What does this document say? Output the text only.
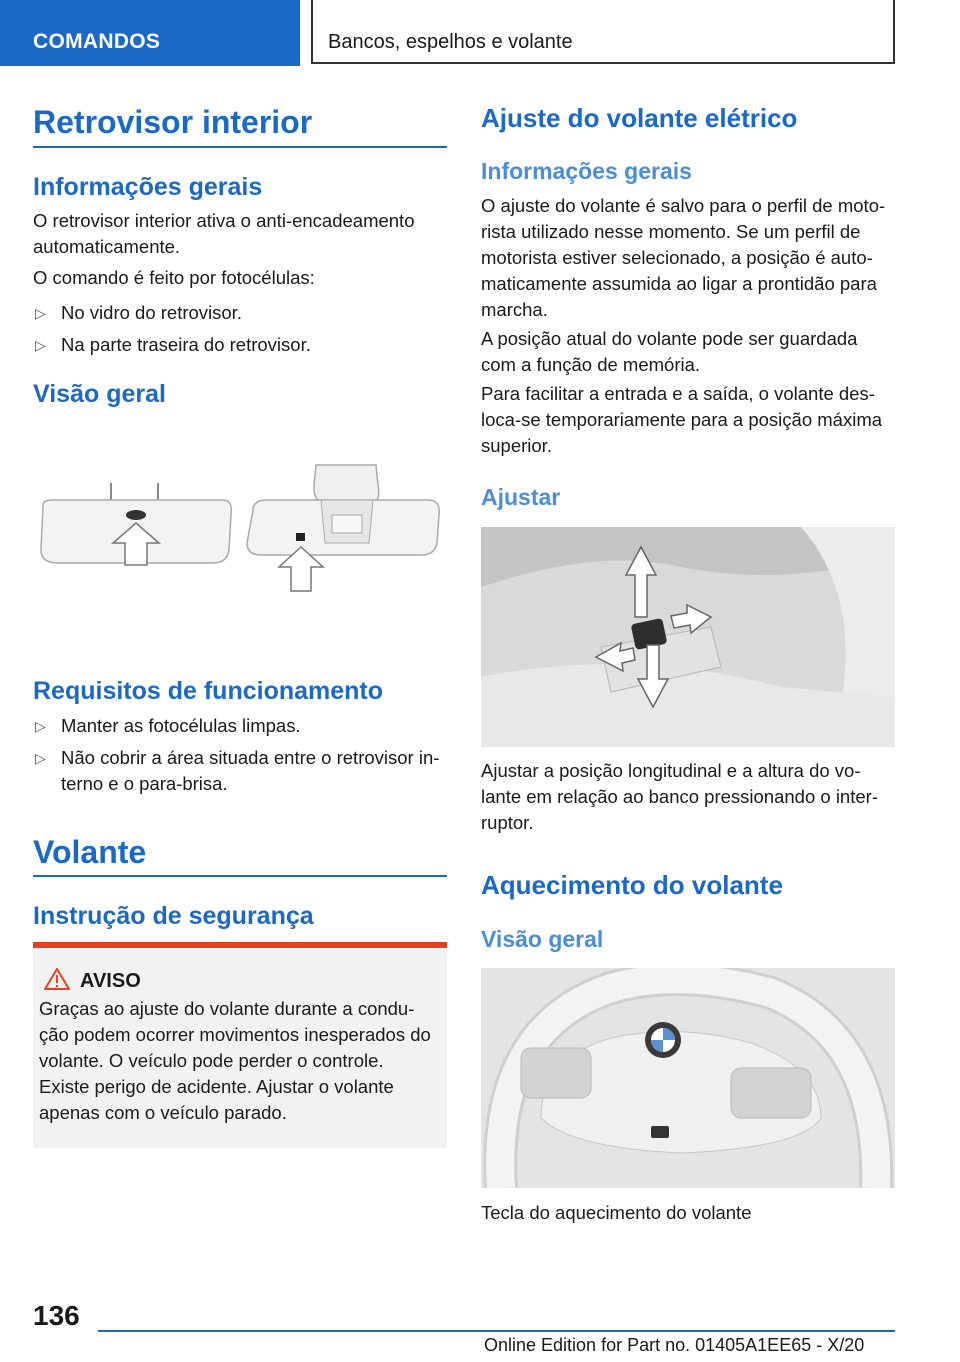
COMANDOS	Bancos, espelhos e volante
Retrovisor interior
Informações gerais

O retrovisor interior ativa o anti-encadeamento automaticamente.

O comando é feito por fotocélulas:

▷ No vidro do retrovisor.
▷ Na parte traseira do retrovisor.
Visão geral
Requisitos de funcionamento
▷ Manter as fotocélulas limpas.
▷ Não cobrir a área situada entre o retrovisor in-terno e o para-brisa.
Volante
Instrução de segurança
AVISO
Graças ao ajuste do volante durante a condu-ção podem ocorrer movimentos inesperados do volante. O veículo pode perder o controle. Existe perigo de acidente. Ajustar o volante apenas com o veículo parado.
Ajuste do volante elétrico
Informações gerais

O ajuste do volante é salvo para o perfil de moto-rista utilizado nesse momento. Se um perfil de motorista estiver selecionado, a posição é auto-maticamente assumida ao ligar a prontidão para marcha.

A posição atual do volante pode ser guardada com a função de memória.

Para facilitar a entrada e a saída, o volante des-loca-se temporariamente para a posição máxima superior.

Ajustar

Ajustar a posição longitudinal e a altura do vo-lante em relação ao banco pressionando o inter-ruptor.

Aquecimento do volante
Visão geral

Tecla do aquecimento do volante

136
Online Edition for Part no. 01405A1EE65 - X/20
